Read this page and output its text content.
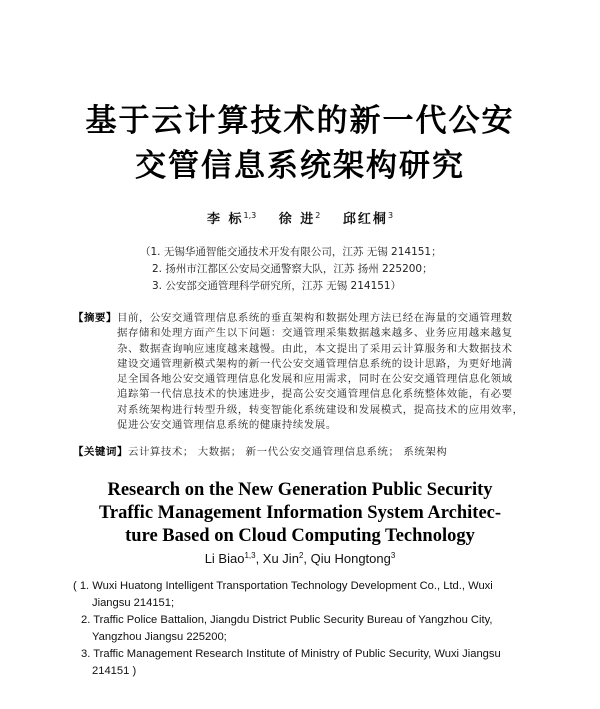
基于云计算技术的新一代公安
交管信息系统架构研究
李 标$^{1,3}$ 徐 进$^2$ 邱红桐$^3$
（1. 无锡华通智能交通技术开发有限公司，江苏 无锡 214151；
2. 扬州市江都区公安局交通警察大队，江苏 扬州 225200；
3. 公安部交通管理科学研究所，江苏 无锡 214151）
【摘要】目前，公安交通管理信息系统的垂直架构和数据处理方法已经在海量的交通管理数
据存储和处理方面产生以下问题：交通管理采集数据越来越多、业务应用越来越复
杂、数据查询响应速度越来越慢。由此，本文提出了采用云计算服务和大数据技术
建设交通管理新模式架构的新一代公安交通管理信息系统的设计思路，为更好地满
足全国各地公安交通管理信息化发展和应用需求，同时在公安交通管理信息化领域
追踪第一代信息技术的快速进步，提高公安交通管理信息化系统整体效能，有必要
对系统架构进行转型升级，转变智能化系统建设和发展模式，提高技术的应用效率，
促进公安交通管理信息系统的健康持续发展。
【关键词】云计算技术； 大数据； 新一代公安交通管理信息系统； 系统架构
Research on the New Generation Public Security
Traffic Management Information System Architec-
ture Based on Cloud Computing Technology
Li Biao$^{1,3}$, Xu Jin$^2$, Qiu Hongtong$^3$
( 1. Wuxi Huatong Intelligent Transportation Technology Development Co., Ltd., Wuxi
Jiangsu 214151;
2. Traffic Police Battalion, Jiangdu District Public Security Bureau of Yangzhou City,
Yangzhou Jiangsu 225200;
3. Traffic Management Research Institute of Ministry of Public Security, Wuxi Jiangsu
214151 )
